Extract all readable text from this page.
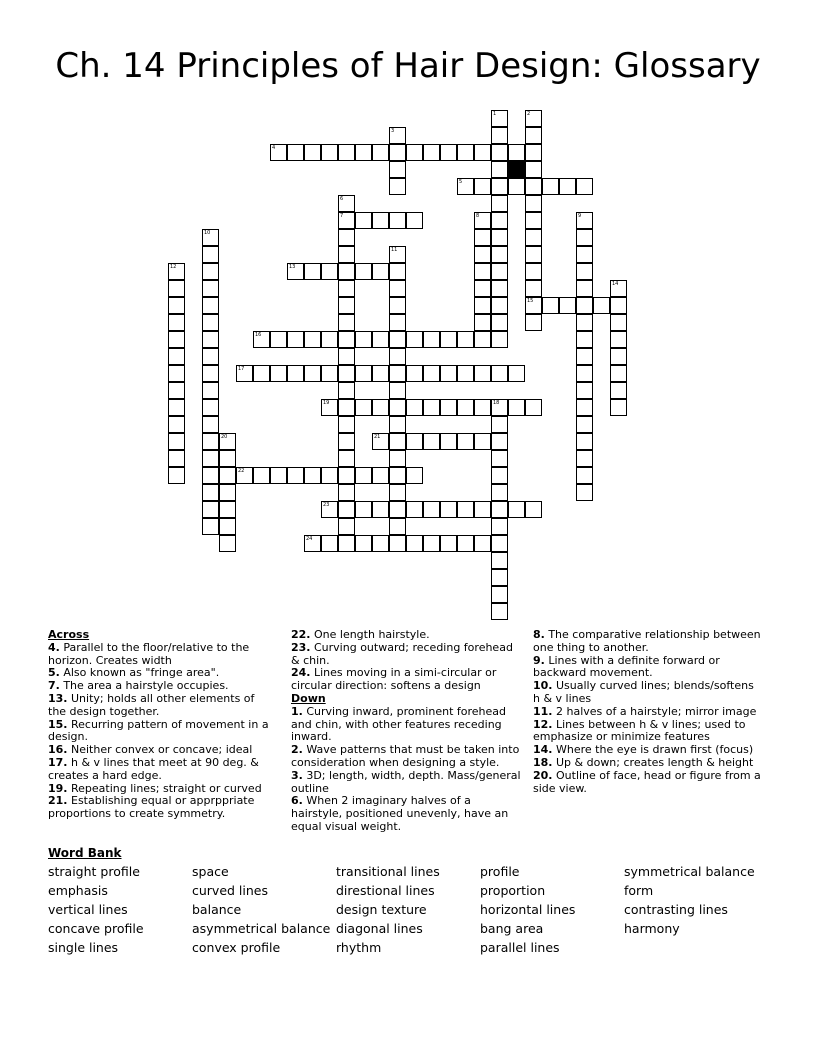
Ch. 14 Principles of Hair Design: Glossary
4
5
7
13
15
16
17
19	18
21
22
23
24
1	2
3
6
8	9
10
11
12
14
20
Across
4. Parallel to the floor/relative to the horizon. Creates width
5. Also known as "fringe area".
7. The area a hairstyle occupies.
13. Unity; holds all other elements of the design together.
15. Recurring pattern of movement in a design.
16. Neither convex or concave; ideal
17. h & v lines that meet at 90 deg. & creates a hard edge.
19. Repeating lines; straight or curved
21. Establishing equal or apprppriate proportions to create symmetry.
22. One length hairstyle.
23. Curving outward; receding forehead & chin.
24. Lines moving in a simi-circular or circular direction: softens a design
Down
1. Curving inward, prominent forehead and chin, with other features receding inward.
2. Wave patterns that must be taken into consideration when designing a style.
3. 3D; length, width, depth. Mass/general outline
6. When 2 imaginary halves of a hairstyle, positioned unevenly, have an equal visual weight.
8. The comparative relationship between one thing to another.
9. Lines with a definite forward or backward movement.
10. Usually curved lines; blends/softens h & v lines
11. 2 halves of a hairstyle; mirror image
12. Lines between h & v lines; used to emphasize or minimize features
14. Where the eye is drawn first (focus)
18. Up & down; creates length & height
20. Outline of face, head or figure from a side view.
Word Bank
straight profile
emphasis
vertical lines
concave profile
single lines
space
curved lines
balance
asymmetrical balance
convex profile
transitional lines
direstional lines
design texture
diagonal lines
rhythm
profile
proportion
horizontal lines
bang area
parallel lines
symmetrical balance
form
contrasting lines
harmony
